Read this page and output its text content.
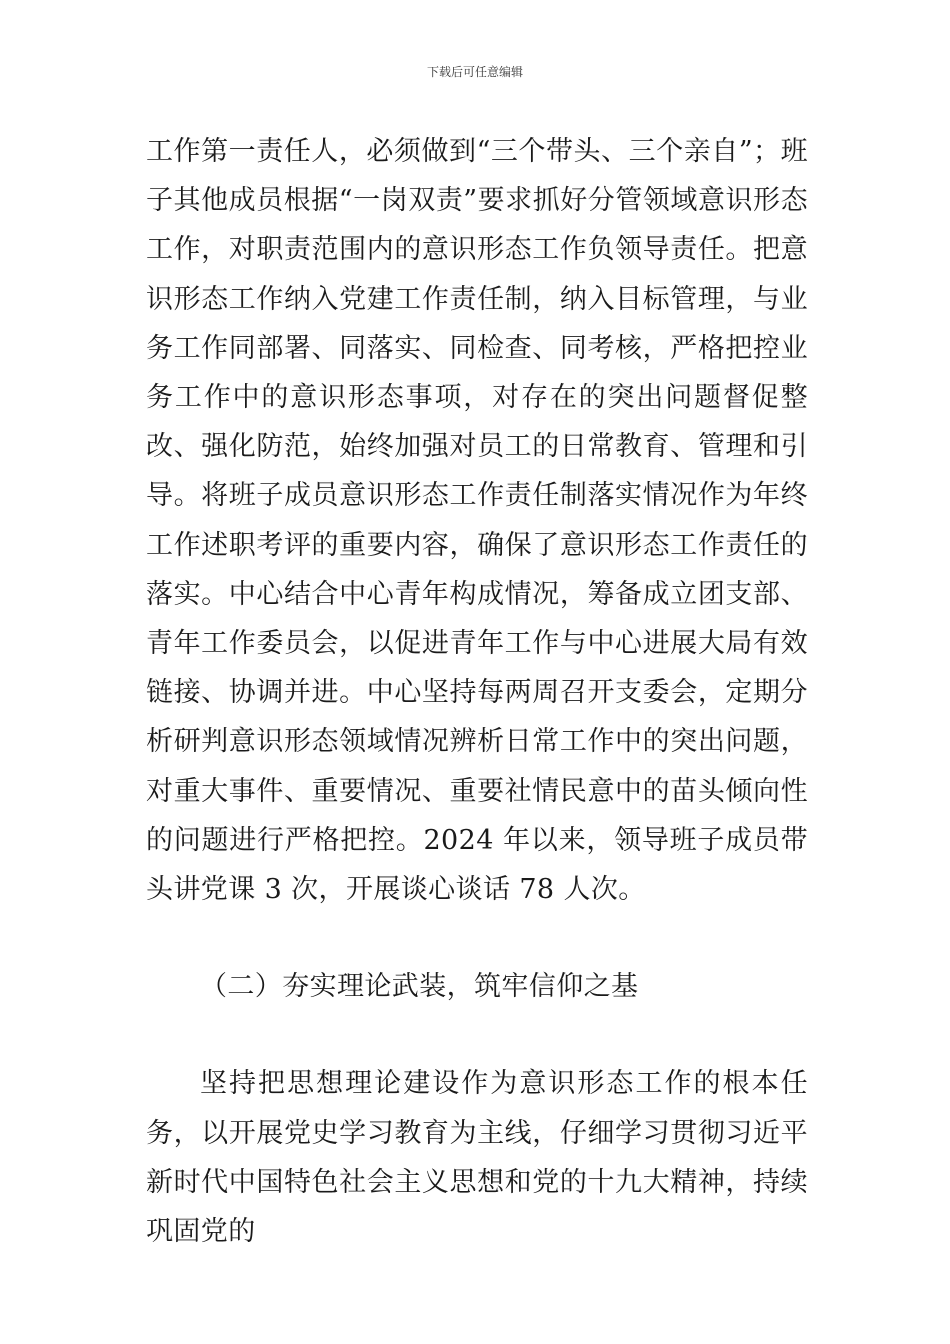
下载后可任意编辑

工作第一责任人，必须做到“三个带头、三个亲自”；班子其他成员根据“一岗双责”要求抓好分管领域意识形态工作，对职责范围内的意识形态工作负领导责任。把意识形态工作纳入党建工作责任制，纳入目标管理，与业务工作同部署、同落实、同检查、同考核，严格把控业务工作中的意识形态事项，对存在的突出问题督促整改、强化防范，始终加强对员工的日常教育、管理和引导。将班子成员意识形态工作责任制落实情况作为年终工作述职考评的重要内容，确保了意识形态工作责任的落实。中心结合中心青年构成情况，筹备成立团支部、青年工作委员会，以促进青年工作与中心进展大局有效链接、协调并进。中心坚持每两周召开支委会，定期分析研判意识形态领域情况辨析日常工作中的突出问题，对重大事件、重要情况、重要社情民意中的苗头倾向性的问题进行严格把控。2024 年以来，领导班子成员带头讲党课 3 次，开展谈心谈话 78 人次。

（二）夯实理论武装，筑牢信仰之基

坚持把思想理论建设作为意识形态工作的根本任务，以开展党史学习教育为主线，仔细学习贯彻习近平新时代中国特色社会主义思想和党的十九大精神，持续巩固党的
